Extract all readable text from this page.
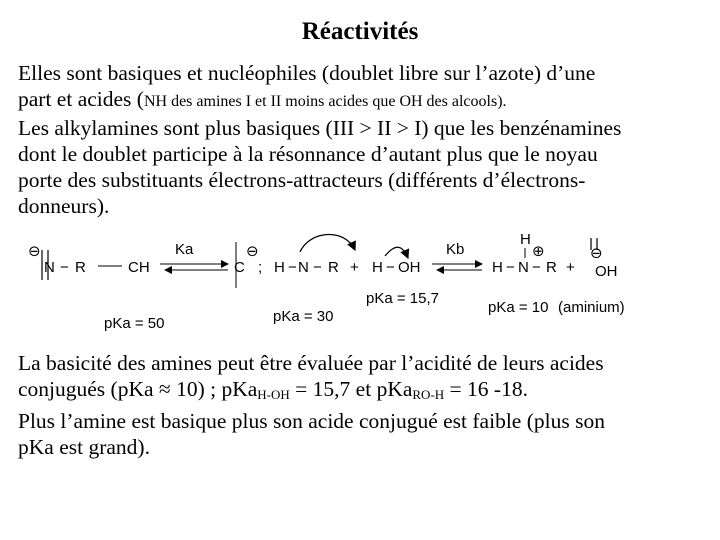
Réactivités
Elles sont basiques et nucléophiles (doublet libre sur l’azote) d’une
part et acides (NH des amines I et II moins acides que OH des alcools).
Les alkylamines sont plus basiques (III > II > I) que les benzénamines
dont le doublet participe à la résonnance d’autant plus que le noyau
porte des substituants électrons-attracteurs (différents d’électrons-
donneurs).
⊖
N − R	CH
Ka
C ;
pKa = 50
⊖
H − N − R + H − OH
pKa = 30
pKa = 15,7
Kb
H
⊕
H − N − R +
⊖
OH
pKa = 10 (aminium)
La basicité des amines peut être évaluée par l’acidité de leurs acides
conjugués (pKa ≈ 10) ; pKa$_{H-OH}$ = 15,7 et pKa$_{RO-H}$ = 16 -18.
Plus l’amine est basique plus son acide conjugué est faible (plus son
pKa est grand).
